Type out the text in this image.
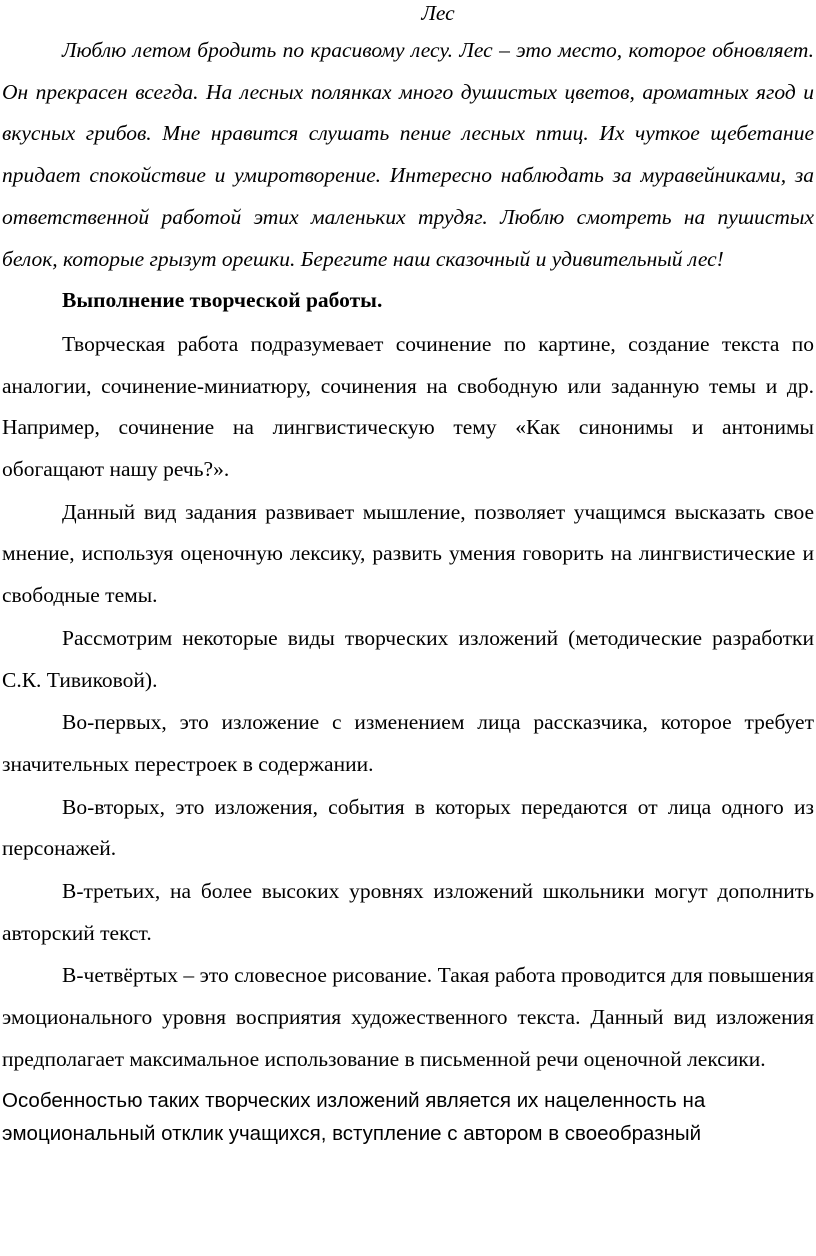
Лес

Люблю летом бродить по красивому лесу. Лес – это место, которое обновляет. Он прекрасен всегда. На лесных полянках много душистых цветов, ароматных ягод и вкусных грибов. Мне нравится слушать пение лесных птиц. Их чуткое щебетание придает спокойствие и умиротворение. Интересно наблюдать за муравейниками, за ответственной работой этих маленьких трудяг. Люблю смотреть на пушистых белок, которые грызут орешки. Берегите наш сказочный и удивительный лес!

Выполнение творческой работы.

Творческая работа подразумевает сочинение по картине, создание текста по аналогии, сочинение-миниатюру, сочинения на свободную или заданную темы и др. Например, сочинение на лингвистическую тему «Как синонимы и антонимы обогащают нашу речь?».

Данный вид задания развивает мышление, позволяет учащимся высказать свое мнение, используя оценочную лексику, развить умения говорить на лингвистические и свободные темы.

Рассмотрим некоторые виды творческих изложений (методические разработки С.К. Тивиковой).

Во-первых, это изложение с изменением лица рассказчика, которое требует значительных перестроек в содержании.

Во-вторых, это изложения, события в которых передаются от лица одного из персонажей.

В-третьих, на более высоких уровнях изложений школьники могут дополнить авторский текст.

В-четвёртых – это словесное рисование. Такая работа проводится для повышения эмоционального уровня восприятия художественного текста. Данный вид изложения предполагает максимальное использование в письменной речи оценочной лексики.

Особенностью таких творческих изложений является их нацеленность на эмоциональный отклик учащихся, вступление с автором в своеобразный
